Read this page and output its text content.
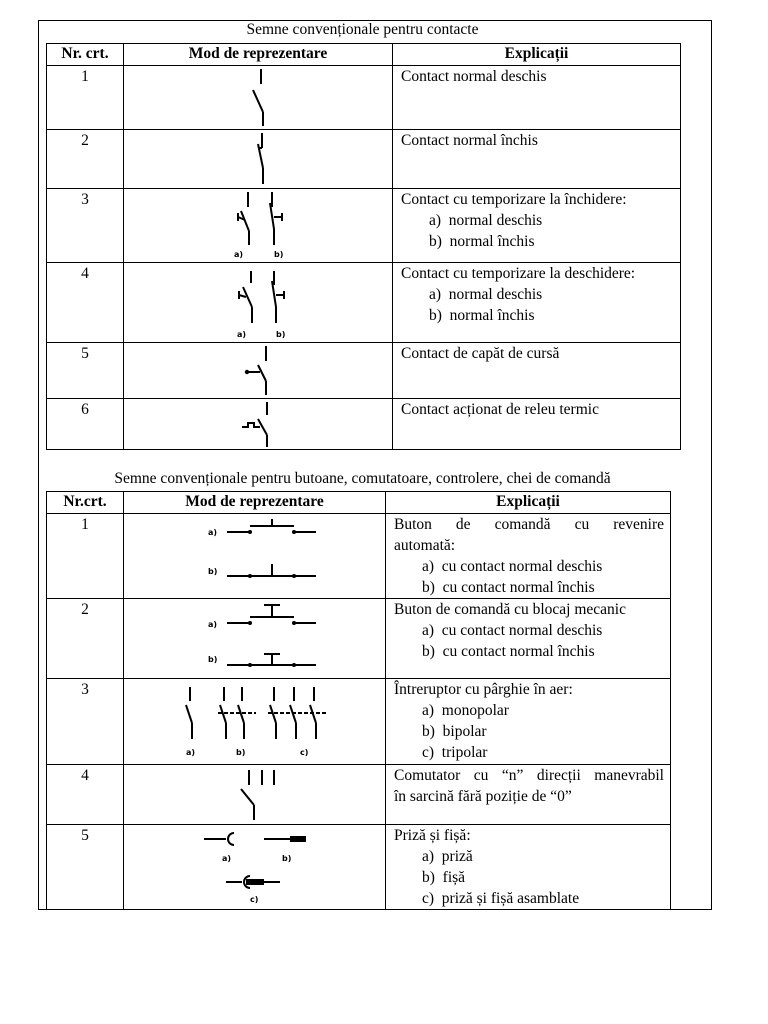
Semne convenționale pentru contacte
Nr. crt.	Mod de reprezentare	Explicații
1		Contact normal deschis

2		Contact normal închis

3	a) b)	Contact cu temporizare la închidere:
a) normal deschis
b) normal închis

4	a) b)	Contact cu temporizare la deschidere:
a) normal deschis
b) normal închis

5		Contact de capăt de cursă

6		Contact acționat de releu termic
Semne convenționale pentru butoane, comutatoare, controlere, chei de comandă
Nr.crt.	Mod de reprezentare	Explicații
1	a)
b)	Buton de comandă cu revenire
automată:
a) cu contact normal deschis
b) cu contact normal închis

2	a)
b)	Buton de comandă cu blocaj mecanic
a) cu contact normal deschis
b) cu contact normal închis

3	a) b) c)	Întreruptor cu pârghie în aer:
a) monopolar
b) bipolar
c) tripolar

4		Comutator cu “n” direcții manevrabil
în sarcină fără poziție de “0”

5	a) b)
c)	Priză și fișă:
a) priză
b) fișă
c) priză și fișă asamblate
